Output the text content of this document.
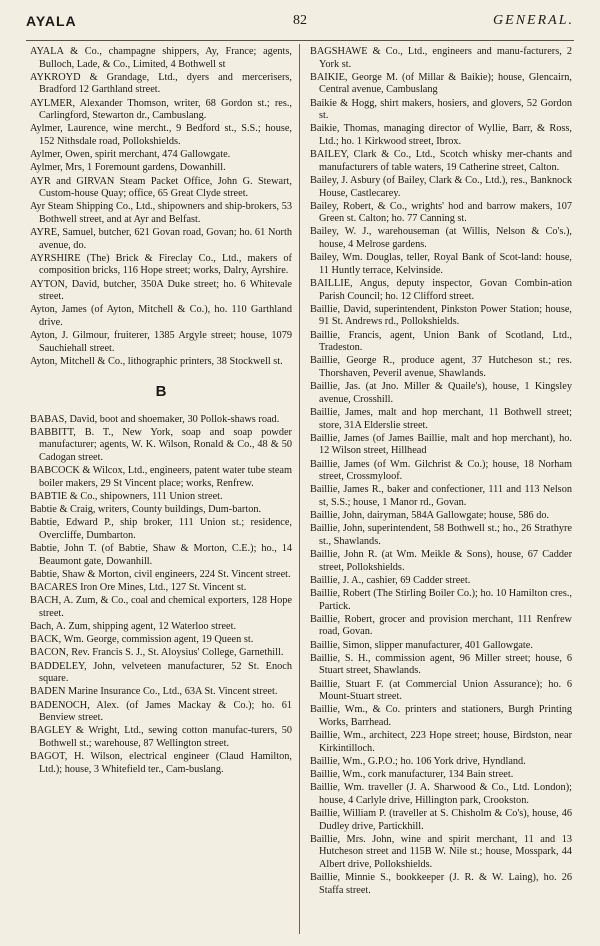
AYALA	82	GENERAL.

AYALA & Co., champagne shippers, Ay, France; agents, Bulloch, Lade, & Co., Limited, 4 Bothwell st

AYKROYD & Grandage, Ltd., dyers and mercerisers, Bradford 12 Garthland street.

AYLMER, Alexander Thomson, writer, 68 Gordon st.; res., Carlingford, Stewarton dr., Cambuslang.

Aylmer, Laurence, wine mercht., 9 Bedford st., S.S.; house, 152 Nithsdale road, Pollokshields.

Aylmer, Owen, spirit merchant, 474 Gallowgate.

Aylmer, Mrs, 1 Foremount gardens, Dowanhill.

AYR and GIRVAN Steam Packet Office, John G. Stewart, Custom-house Quay; office, 65 Great Clyde street.

Ayr Steam Shipping Co., Ltd., shipowners and ship-brokers, 53 Bothwell street, and at Ayr and Belfast.

AYRE, Samuel, butcher, 621 Govan road, Govan; ho. 61 North avenue, do.

AYRSHIRE (The) Brick & Fireclay Co., Ltd., makers of composition bricks, 116 Hope street; works, Dalry, Ayrshire.

AYTON, David, butcher, 350A Duke street; ho. 6 Whitevale street.

Ayton, James (of Ayton, Mitchell & Co.), ho. 110 Garthland drive.

Ayton, J. Gilmour, fruiterer, 1385 Argyle street; house, 1079 Sauchiehall street.

Ayton, Mitchell & Co., lithographic printers, 38 Stockwell st.

B

BABAS, David, boot and shoemaker, 30 Pollok-shaws road.

BABBITT, B. T., New York, soap and soap powder manufacturer; agents, W. K. Wilson, Ronald & Co., 48 & 50 Cadogan street.

BABCOCK & Wilcox, Ltd., engineers, patent water tube steam boiler makers, 29 St Vincent place; works, Renfrew.

BABTIE & Co., shipowners, 111 Union street.

Babtie & Craig, writers, County buildings, Dum-barton.

Babtie, Edward P., ship broker, 111 Union st.; residence, Overcliffe, Dumbarton.

Babtie, John T. (of Babtie, Shaw & Morton, C.E.); ho., 14 Beaumont gate, Dowanhill.

Babtie, Shaw & Morton, civil engineers, 224 St. Vincent street.

BACARES Iron Ore Mines, Ltd., 127 St. Vincent st.

BACH, A. Zum, & Co., coal and chemical exporters, 128 Hope street.

Bach, A. Zum, shipping agent, 12 Waterloo street.

BACK, Wm. George, commission agent, 19 Queen st.

BACON, Rev. Francis S. J., St. Aloysius' College, Garnethill.

BADDELEY, John, velveteen manufacturer, 52 St. Enoch square.

BADEN Marine Insurance Co., Ltd., 63A St. Vincent street.

BADENOCH, Alex. (of James Mackay & Co.); ho. 61 Benview street.

BAGLEY & Wright, Ltd., sewing cotton manufac-turers, 50 Bothwell st.; warehouse, 87 Wellington street.

BAGOT, H. Wilson, electrical engineer (Claud Hamilton, Ltd.); house, 3 Whitefield ter., Cam-buslang.

BAGSHAWE & Co., Ltd., engineers and manu-facturers, 2 York st.

BAIKIE, George M. (of Millar & Baikie); house, Glencairn, Central avenue, Cambuslang

Baikie & Hogg, shirt makers, hosiers, and glovers, 52 Gordon st.

Baikie, Thomas, managing director of Wyllie, Barr, & Ross, Ltd.; ho. 1 Kirkwood street, Ibrox.

BAILEY, Clark & Co., Ltd., Scotch whisky mer-chants and manufacturers of table waters, 19 Catherine street, Calton.

Bailey, J. Asbury (of Bailey, Clark & Co., Ltd.), res., Banknock House, Castlecarey.

Bailey, Robert, & Co., wrights' hod and barrow makers, 107 Green st. Calton; ho. 77 Canning st.

Bailey, W. J., warehouseman (at Willis, Nelson & Co's.), house, 4 Melrose gardens.

Bailey, Wm. Douglas, teller, Royal Bank of Scot-land: house, 11 Huntly terrace, Kelvinside.

BAILLIE, Angus, deputy inspector, Govan Combin-ation Parish Council; ho. 12 Clifford street.

Baillie, David, superintendent, Pinkston Power Station; house, 91 St. Andrews rd., Pollokshields.

Baillie, Francis, agent, Union Bank of Scotland, Ltd., Tradeston.

Baillie, George R., produce agent, 37 Hutcheson st.; res. Thorshaven, Peveril avenue, Shawlands.

Baillie, Jas. (at Jno. Miller & Quaile's), house, 1 Kingsley avenue, Crosshill.

Baillie, James, malt and hop merchant, 11 Bothwell street; store, 31A Elderslie street.

Baillie, James (of James Baillie, malt and hop merchant), ho. 12 Wilson street, Hillhead

Baillie, James (of Wm. Gilchrist & Co.); house, 18 Norham street, Crossmyloof.

Baillie, James R., baker and confectioner, 111 and 113 Nelson st, S.S.; house, 1 Manor rd., Govan.

Baillie, John, dairyman, 584A Gallowgate; house, 586 do.

Baillie, John, superintendent, 58 Bothwell st.; ho., 26 Strathyre st., Shawlands.

Baillie, John R. (at Wm. Meikle & Sons), house, 67 Cadder street, Pollokshields.

Baillie, J. A., cashier, 69 Cadder street.

Baillie, Robert (The Stirling Boiler Co.); ho. 10 Hamilton cres., Partick.

Baillie, Robert, grocer and provision merchant, 111 Renfrew road, Govan.

Baillie, Simon, slipper manufacturer, 401 Gallowgate.

Baillie, S. H., commission agent, 96 Miller street; house, 6 Stuart street, Shawlands.

Baillie, Stuart F. (at Commercial Union Assurance); ho. 6 Mount-Stuart street.

Baillie, Wm., & Co. printers and stationers, Burgh Printing Works, Barrhead.

Baillie, Wm., architect, 223 Hope street; house, Birdston, near Kirkintilloch.

Baillie, Wm., G.P.O.; ho. 106 York drive, Hyndland.

Baillie, Wm., cork manufacturer, 134 Bain street.

Baillie, Wm. traveller (J. A. Sharwood & Co., Ltd. London); house, 4 Carlyle drive, Hillington park, Crookston.

Baillie, William P. (traveller at S. Chisholm & Co's), house, 46 Dudley drive, Partickhill.

Baillie, Mrs. John, wine and spirit merchant, 11 and 13 Hutcheson street and 115B W. Nile st.; house, Mosspark, 44 Albert drive, Pollokshields.

Baillie, Minnie S., bookkeeper (J. R. & W. Laing), ho. 26 Staffa street.
